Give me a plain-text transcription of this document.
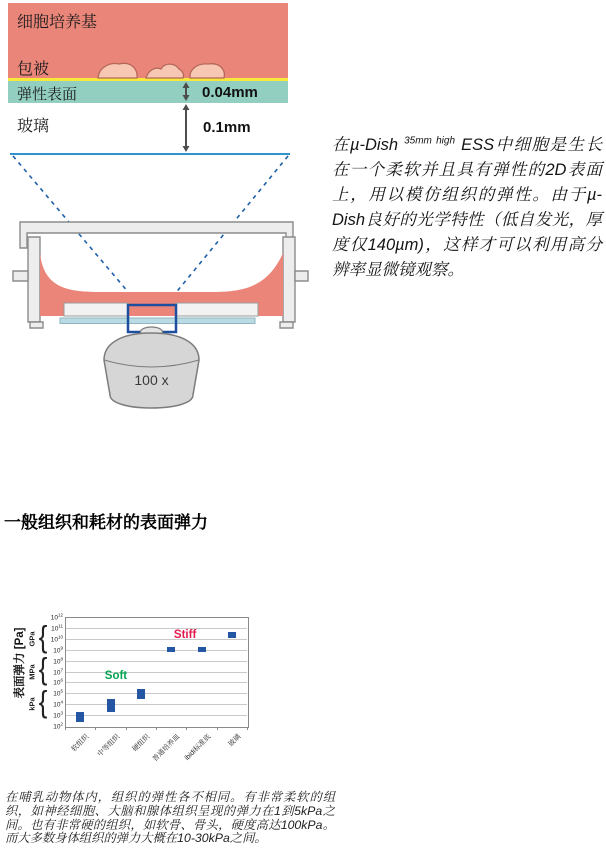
细胞培养基
包被
弹性表面
玻璃
0.04mm
0.1mm
100 x

在µ-Dish $^{35mm high}$ ESS中细胞是生长在一个柔软并且具有弹性的2D表面上，用以模仿组织的弹性。由于µ-Dish良好的光学特性（低自发光，厚度仅140µm)，这样才可以利用高分辨率显微镜观察。

一般组织和耗材的表面弹力
$10^2$
$10^3$
$10^4$
$10^5$
$10^6$
$10^7$
$10^8$
$10^9$
$10^{10}$
$10^{11}$
$10^{12}$
{
kPa
{
MPa
{
GPa
表面弹力 [Pa]
软组织 中等组织 硬组织 普通培养皿 ibidi标准底 玻璃
Soft
Stiff

在哺乳动物体内，组织的弹性各不相同。有非常柔软的组织，如神经细胞、大脑和腺体组织呈现的弹力在1到5kPa之间。也有非常硬的组织，如软骨、骨头，硬度高达100kPa。而大多数身体组织的弹力大概在10-30kPa之间。
